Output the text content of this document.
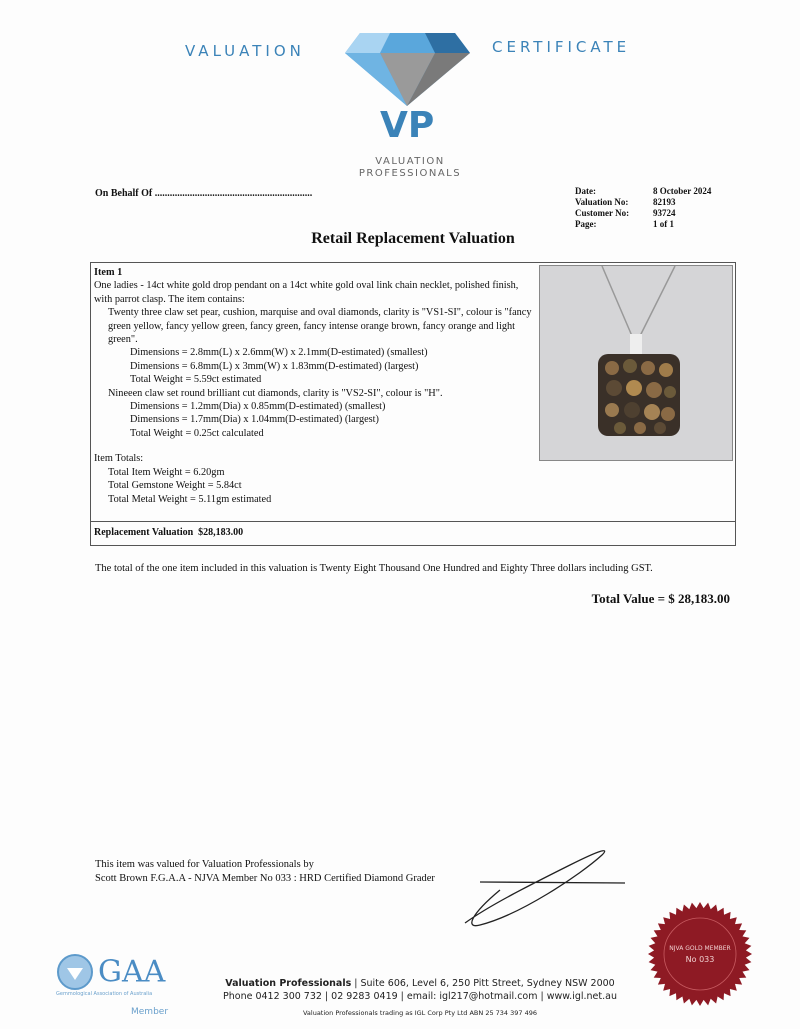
VALUATION	CERTIFICATE
VP
VALUATION
PROFESSIONALS
On Behalf Of ...............................................................	Date:	8 October 2024
Valuation No:	82193
Customer No:	93724
Page:	1 of 1
Retail Replacement Valuation
Item 1
One ladies - 14ct white gold drop pendant on a 14ct white gold oval link chain necklet, polished finish, with parrot clasp. The item contains:
Twenty three claw set pear, cushion, marquise and oval diamonds, clarity is "VS1-SI", colour is "fancy green yellow, fancy yellow green, fancy green, fancy intense orange brown, fancy orange and light green".
Dimensions = 2.8mm(L) x 2.6mm(W) x 2.1mm(D-estimated) (smallest)
Dimensions = 6.8mm(L) x 3mm(W) x 1.83mm(D-estimated) (largest)
Total Weight = 5.59ct estimated
Nineeen claw set round brilliant cut diamonds, clarity is "VS2-SI", colour is "H".
Dimensions = 1.2mm(Dia) x 0.85mm(D-estimated) (smallest)
Dimensions = 1.7mm(Dia) x 1.04mm(D-estimated) (largest)
Total Weight = 0.25ct calculated
Item Totals:
Total Item Weight = 6.20gm
Total Gemstone Weight = 5.84ct
Total Metal Weight = 5.11gm estimated
Replacement Valuation $28,183.00
The total of the one item included in this valuation is Twenty Eight Thousand One Hundred and Eighty Three dollars including GST.
Total Value = $ 28,183.00
This item was valued for Valuation Professionals by
Scott Brown F.G.A.A - NJVA Member No 033 : HRD Certified Diamond Grader
NJVA GOLD MEMBER
No 033
GAA
Gemmological Association of Australia
Member
Valuation Professionals | Suite 606, Level 6, 250 Pitt Street, Sydney NSW 2000
Phone 0412 300 732 | 02 9283 0419 | email: igl217@hotmail.com | www.igl.net.au
Valuation Professionals trading as IGL Corp Pty Ltd ABN 25 734 397 496
